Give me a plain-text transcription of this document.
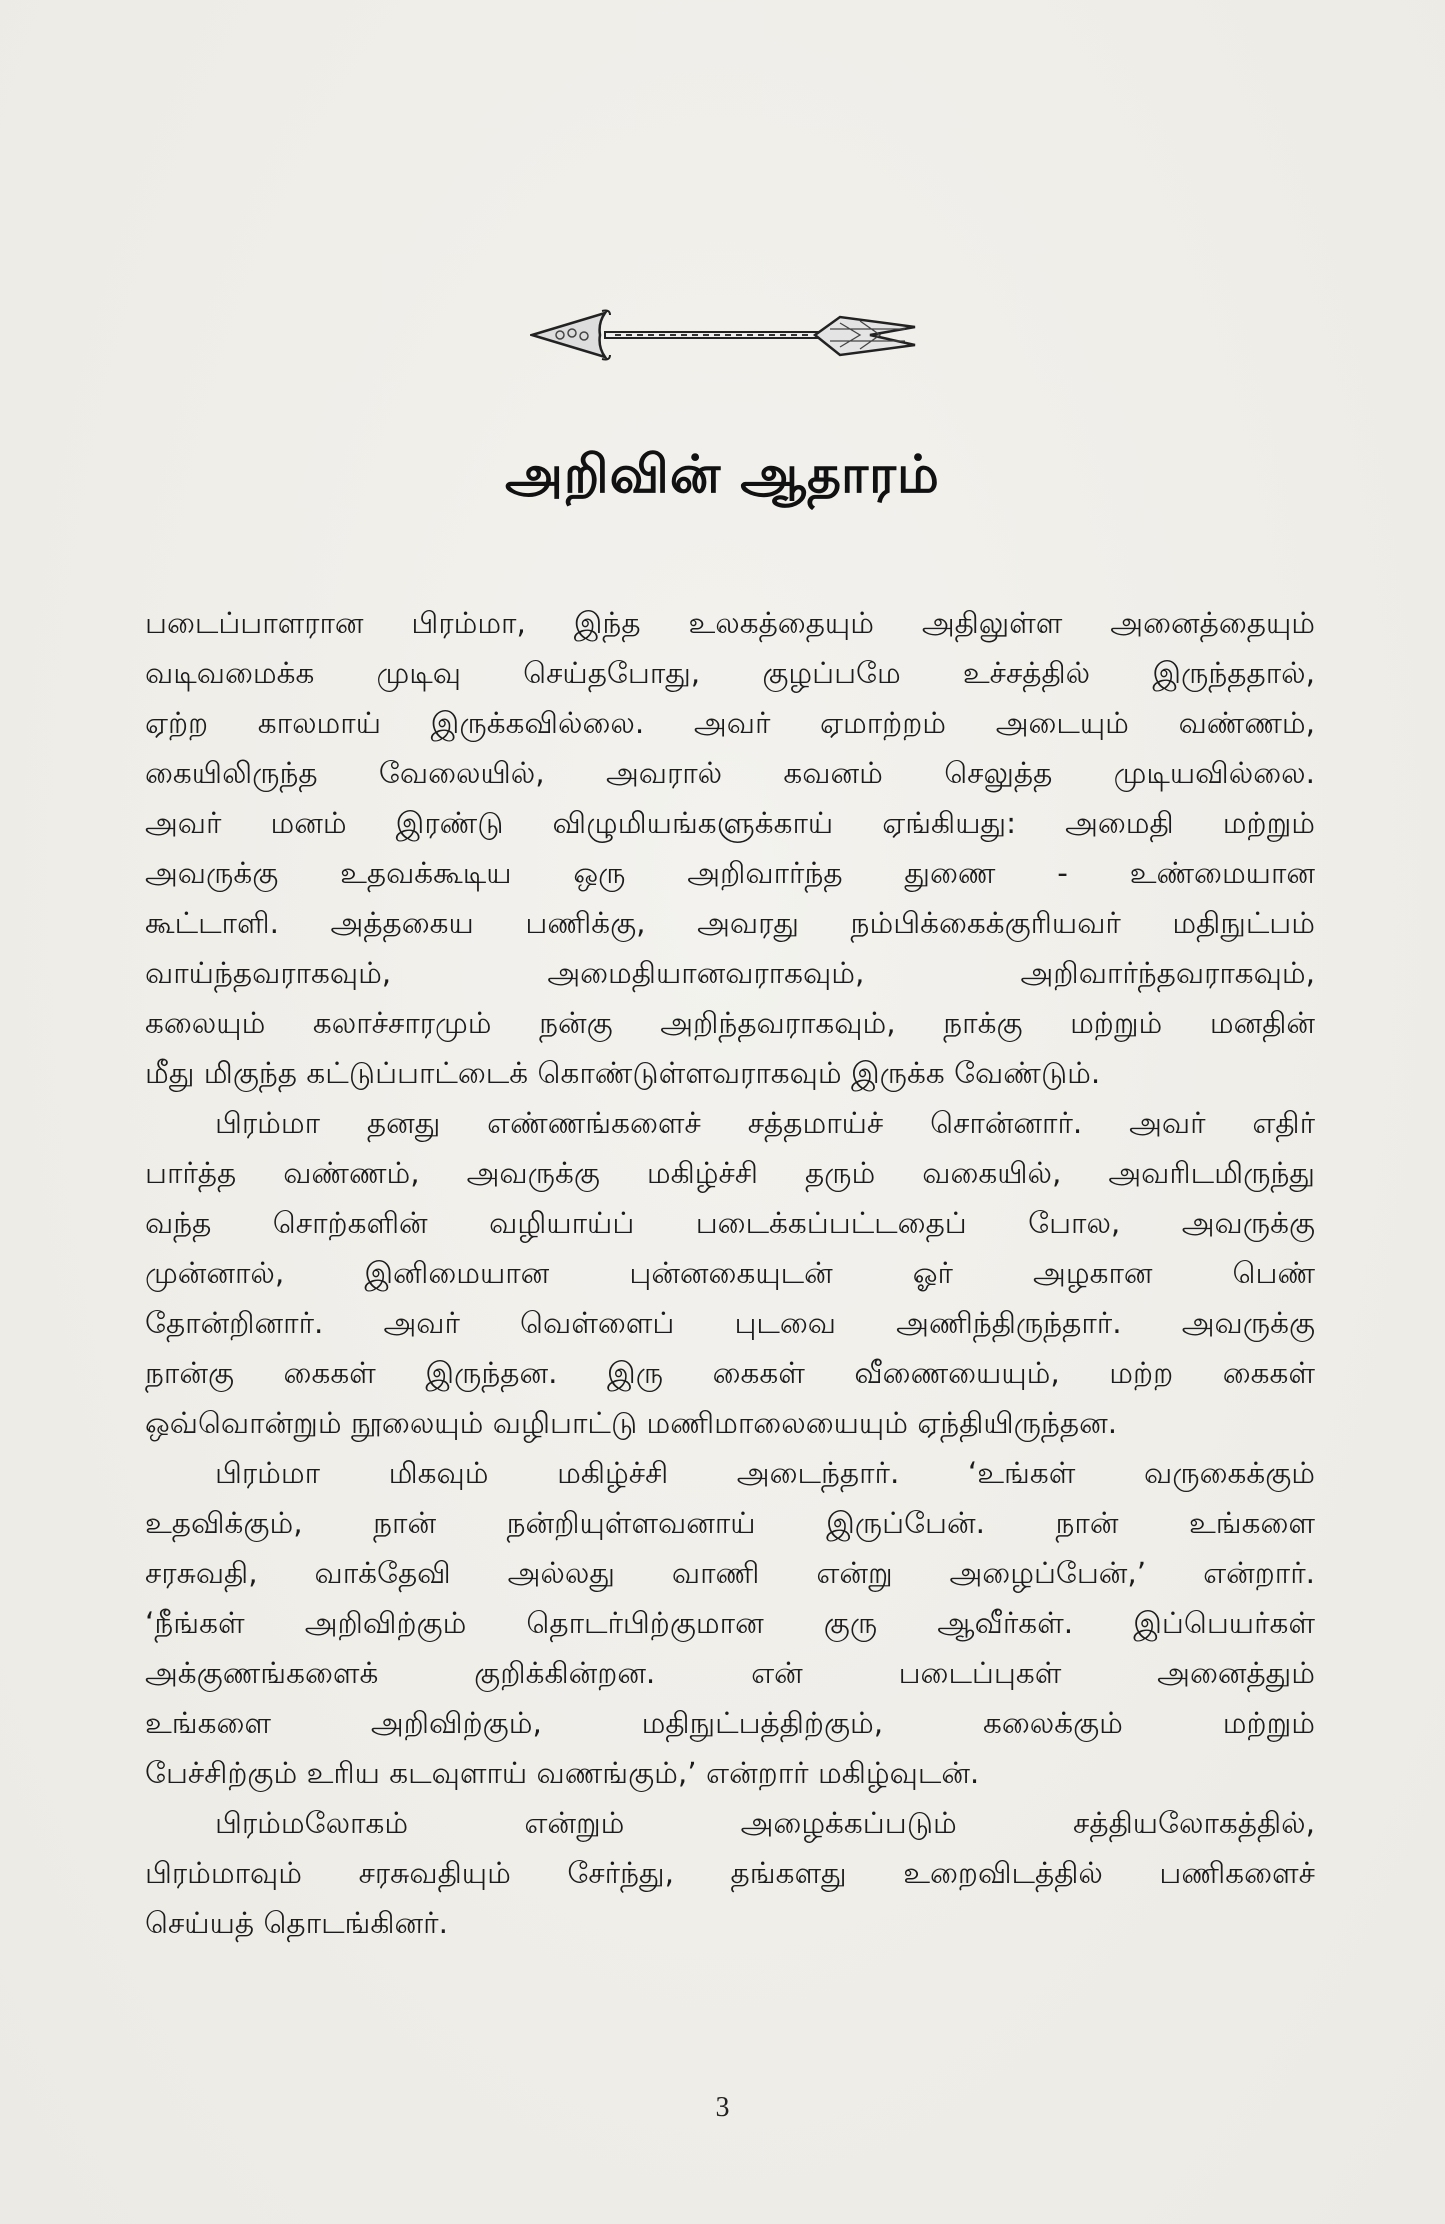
அறிவின் ஆதாரம்
படைப்பாளரான பிரம்மா, இந்த உலகத்தையும் அதிலுள்ள அனைத்தையும்
வடிவமைக்க முடிவு செய்தபோது, குழப்பமே உச்சத்தில் இருந்ததால்,
ஏற்ற காலமாய் இருக்கவில்லை. அவர் ஏமாற்றம் அடையும் வண்ணம்,
கையிலிருந்த வேலையில், அவரால் கவனம் செலுத்த முடியவில்லை.
அவர் மனம் இரண்டு விழுமியங்களுக்காய் ஏங்கியது: அமைதி மற்றும்
அவருக்கு உதவக்கூடிய ஒரு அறிவார்ந்த துணை - உண்மையான
கூட்டாளி. அத்தகைய பணிக்கு, அவரது நம்பிக்கைக்குரியவர் மதிநுட்பம்
வாய்ந்தவராகவும், அமைதியானவராகவும், அறிவார்ந்தவராகவும்,
கலையும் கலாச்சாரமும் நன்கு அறிந்தவராகவும், நாக்கு மற்றும் மனதின்
மீது மிகுந்த கட்டுப்பாட்டைக் கொண்டுள்ளவராகவும் இருக்க வேண்டும்.
பிரம்மா தனது எண்ணங்களைச் சத்தமாய்ச் சொன்னார். அவர் எதிர்
பார்த்த வண்ணம், அவருக்கு மகிழ்ச்சி தரும் வகையில், அவரிடமிருந்து
வந்த சொற்களின் வழியாய்ப் படைக்கப்பட்டதைப் போல, அவருக்கு
முன்னால், இனிமையான புன்னகையுடன் ஓர் அழகான பெண்
தோன்றினார். அவர் வெள்ளைப் புடவை அணிந்திருந்தார். அவருக்கு
நான்கு கைகள் இருந்தன. இரு கைகள் வீணையையும், மற்ற கைகள்
ஒவ்வொன்றும் நூலையும் வழிபாட்டு மணிமாலையையும் ஏந்தியிருந்தன.
பிரம்மா மிகவும் மகிழ்ச்சி அடைந்தார். ‘உங்கள் வருகைக்கும்
உதவிக்கும், நான் நன்றியுள்ளவனாய் இருப்பேன். நான் உங்களை
சரசுவதி, வாக்தேவி அல்லது வாணி என்று அழைப்பேன்,’ என்றார்.
‘நீங்கள் அறிவிற்கும் தொடர்பிற்குமான குரு ஆவீர்கள். இப்பெயர்கள்
அக்குணங்களைக் குறிக்கின்றன. என் படைப்புகள் அனைத்தும்
உங்களை அறிவிற்கும், மதிநுட்பத்திற்கும், கலைக்கும் மற்றும்
பேச்சிற்கும் உரிய கடவுளாய் வணங்கும்,’ என்றார் மகிழ்வுடன்.
பிரம்மலோகம் என்றும் அழைக்கப்படும் சத்தியலோகத்தில்,
பிரம்மாவும் சரசுவதியும் சேர்ந்து, தங்களது உறைவிடத்தில் பணிகளைச்
செய்யத் தொடங்கினர்.
3
